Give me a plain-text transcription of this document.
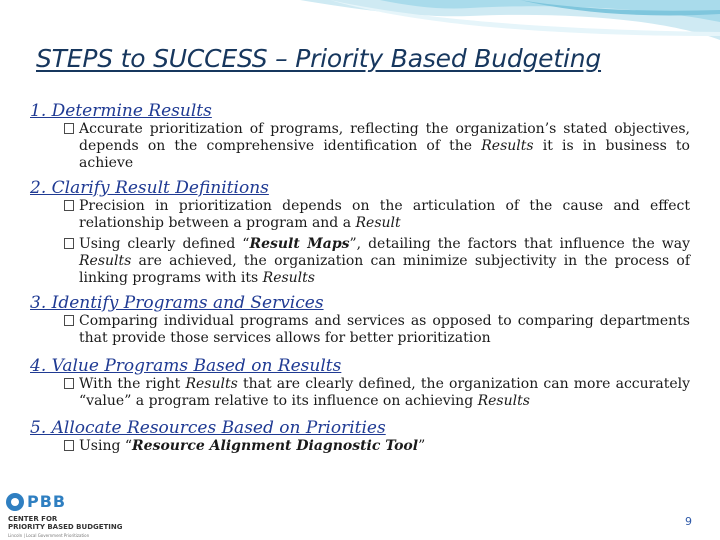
STEPS to SUCCESS – Priority Based Budgeting

1. Determine Results

Accurate prioritization of programs, reflecting the organization’s stated objectives, depends on the comprehensive identification of the Results it is in business to achieve

2. Clarify Result Definitions

Precision in prioritization depends on the articulation of the cause and effect relationship between a program and a Result

Using clearly defined “Result Maps”, detailing the factors that influence the way Results are achieved, the organization can minimize subjectivity in the process of linking programs with its Results

3. Identify Programs and Services

Comparing individual programs and services as opposed to comparing departments that provide those services allows for better prioritization

4. Value Programs Based on Results

With the right Results that are clearly defined, the organization can more accurately “value” a program relative to its influence on achieving Results

5. Allocate Resources Based on Priorities

Using “Resource Alignment Diagnostic Tool”

PBB
CENTER FOR
PRIORITY BASED BUDGETING
Lincoln | Local Government Prioritization
9
